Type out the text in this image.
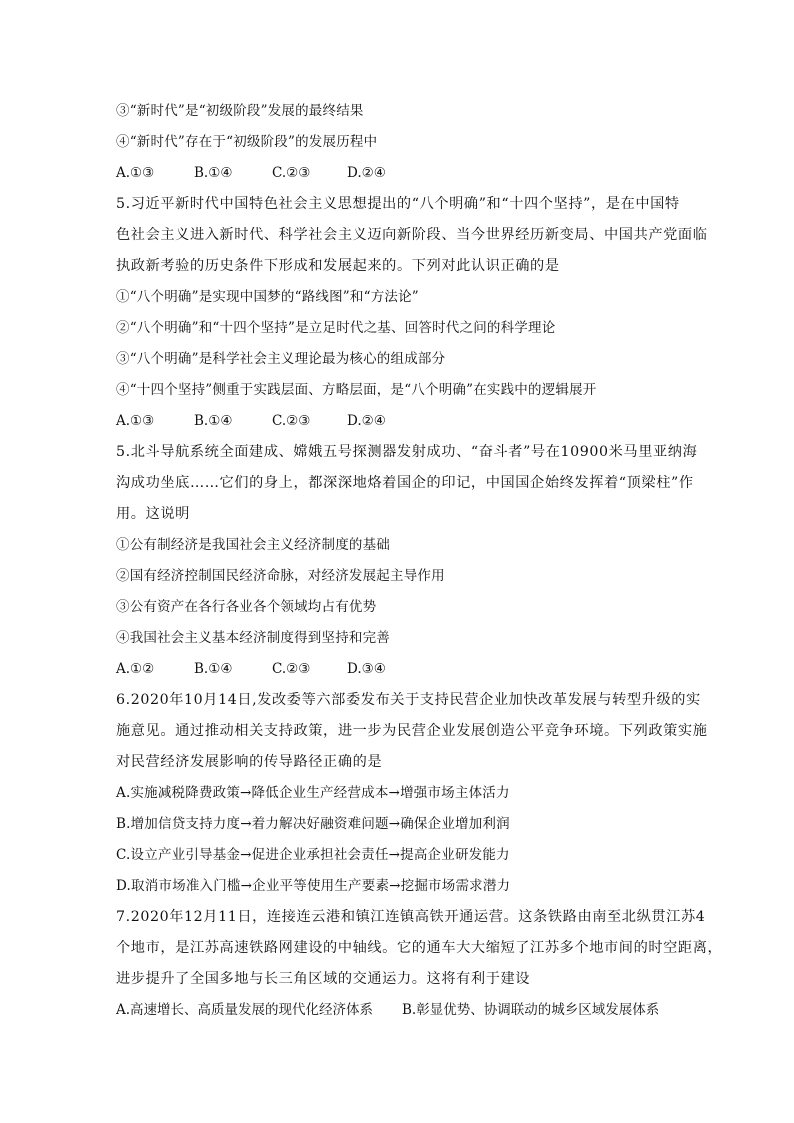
③“新时代”是“初级阶段”发展的最终结果
④“新时代”存在于“初级阶段”的发展历程中
A.①③	B.①④	C.②③	D.②④
5.习近平新时代中国特色社会主义思想提出的“八个明确”和“十四个坚持”，是在中国特
色社会主义进入新时代、科学社会主义迈向新阶段、当今世界经历新变局、中国共产党面临
执政新考验的历史条件下形成和发展起来的。下列对此认识正确的是
①“八个明确”是实现中国梦的“路线图”和“方法论”
②“八个明确”和“十四个坚持”是立足时代之基、回答时代之问的科学理论
③“八个明确”是科学社会主义理论最为核心的组成部分
④“十四个坚持”侧重于实践层面、方略层面，是“八个明确”在实践中的逻辑展开
A.①③	B.①④	C.②③	D.②④
5.北斗导航系统全面建成、嫦娥五号探测器发射成功、“奋斗者”号在10900米马里亚纳海
沟成功坐底……它们的身上，都深深地烙着国企的印记，中国国企始终发挥着“顶梁柱”作
用。这说明
①公有制经济是我国社会主义经济制度的基础
②国有经济控制国民经济命脉，对经济发展起主导作用
③公有资产在各行各业各个领域均占有优势
④我国社会主义基本经济制度得到坚持和完善
A.①②	B.①④	C.②③	D.③④
6.2020年10月14日,发改委等六部委发布关于支持民营企业加快改革发展与转型升级的实
施意见。通过推动相关支持政策，进一步为民营企业发展创造公平竞争环境。下列政策实施
对民营经济发展影响的传导路径正确的是
A.实施减税降费政策→降低企业生产经营成本→增强市场主体活力
B.增加信贷支持力度→着力解决好融资难问题→确保企业增加利润
C.设立产业引导基金→促进企业承担社会责任→提高企业研发能力
D.取消市场准入门槛→企业平等使用生产要素→挖掘市场需求潜力
7.2020年12月11日，连接连云港和镇江连镇高铁开通运营。这条铁路由南至北纵贯江苏4
个地市，是江苏高速铁路网建设的中轴线。它的通车大大缩短了江苏多个地市间的时空距离，
进步提升了全国多地与长三角区域的交通运力。这将有利于建设
A.高速增长、高质量发展的现代化经济体系	B.彰显优势、协调联动的城乡区域发展体系
